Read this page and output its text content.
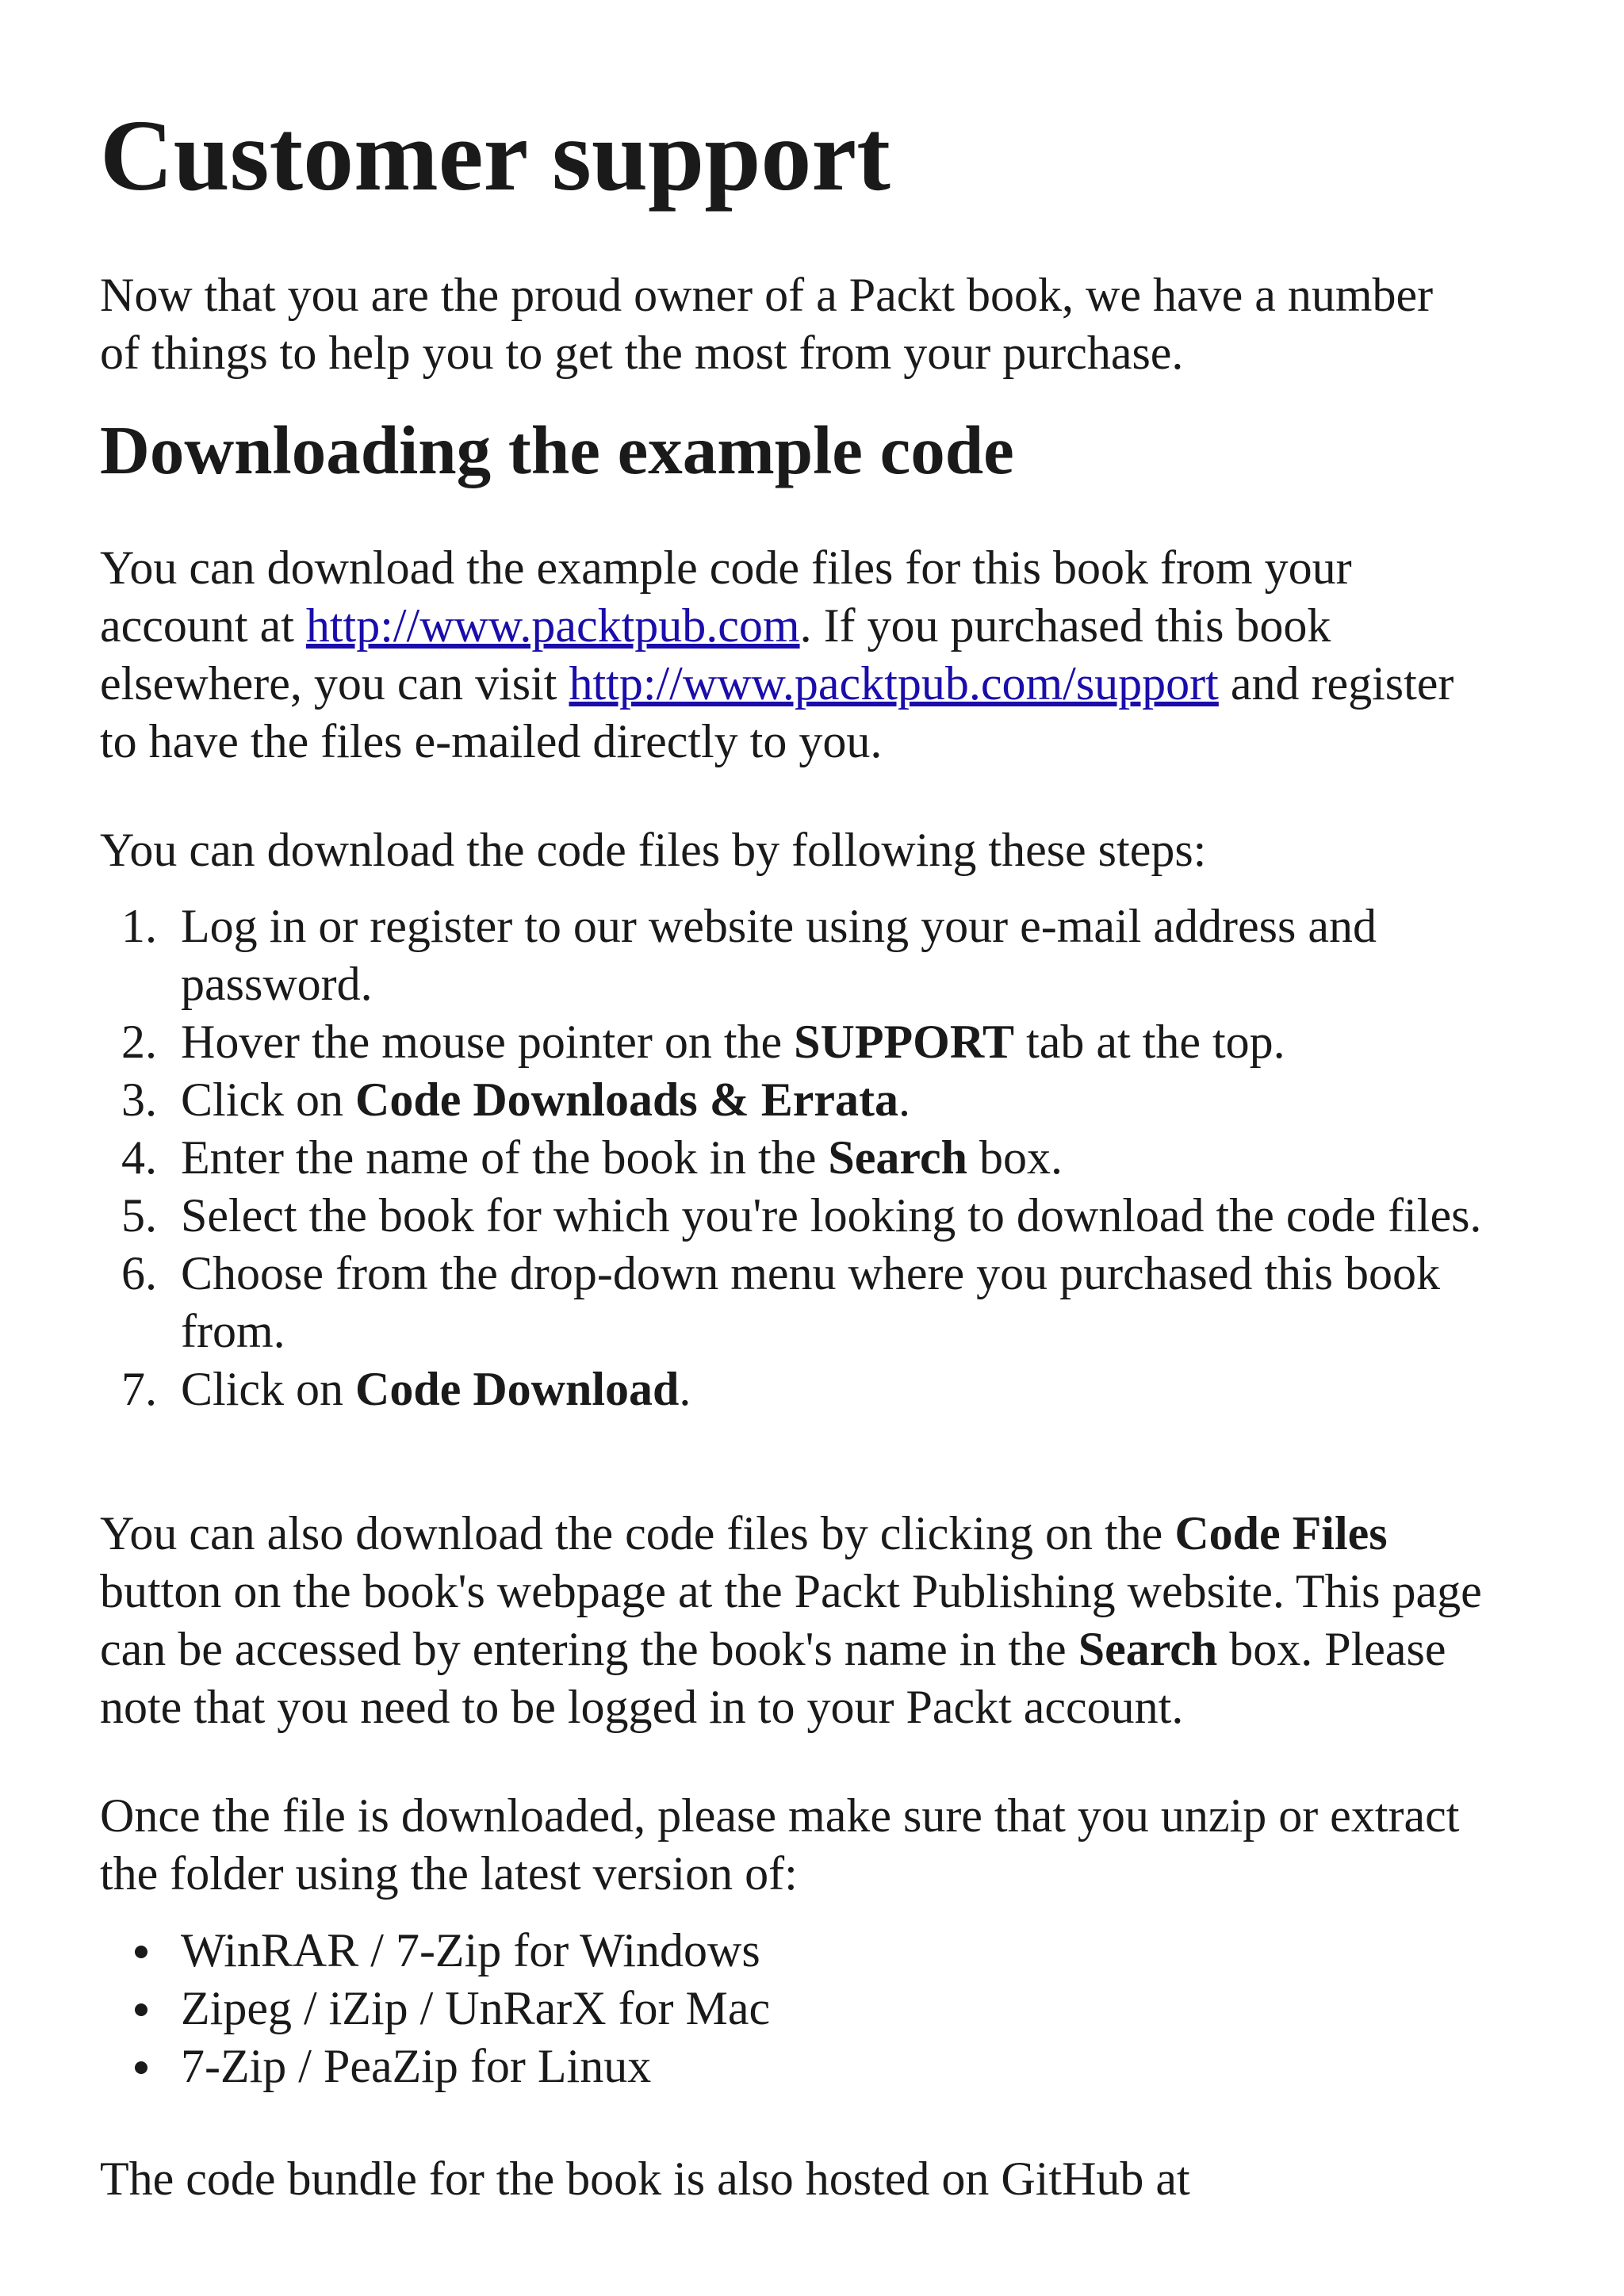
Customer support

Now that you are the proud owner of a Packt book, we have a number
of things to help you to get the most from your purchase.

Downloading the example code

You can download the example code files for this book from your
account at http://www.packtpub.com. If you purchased this book
elsewhere, you can visit http://www.packtpub.com/support and register
to have the files e-mailed directly to you.

You can download the code files by following these steps:

1. Log in or register to our website using your e-mail address and
password.
2. Hover the mouse pointer on the SUPPORT tab at the top.
3. Click on Code Downloads & Errata.
4. Enter the name of the book in the Search box.
5. Select the book for which you're looking to download the code files.
6. Choose from the drop-down menu where you purchased this book
from.
7. Click on Code Download.

You can also download the code files by clicking on the Code Files
button on the book's webpage at the Packt Publishing website. This page
can be accessed by entering the book's name in the Search box. Please
note that you need to be logged in to your Packt account.

Once the file is downloaded, please make sure that you unzip or extract
the folder using the latest version of:

WinRAR / 7-Zip for Windows
Zipeg / iZip / UnRarX for Mac
7-Zip / PeaZip for Linux

The code bundle for the book is also hosted on GitHub at
